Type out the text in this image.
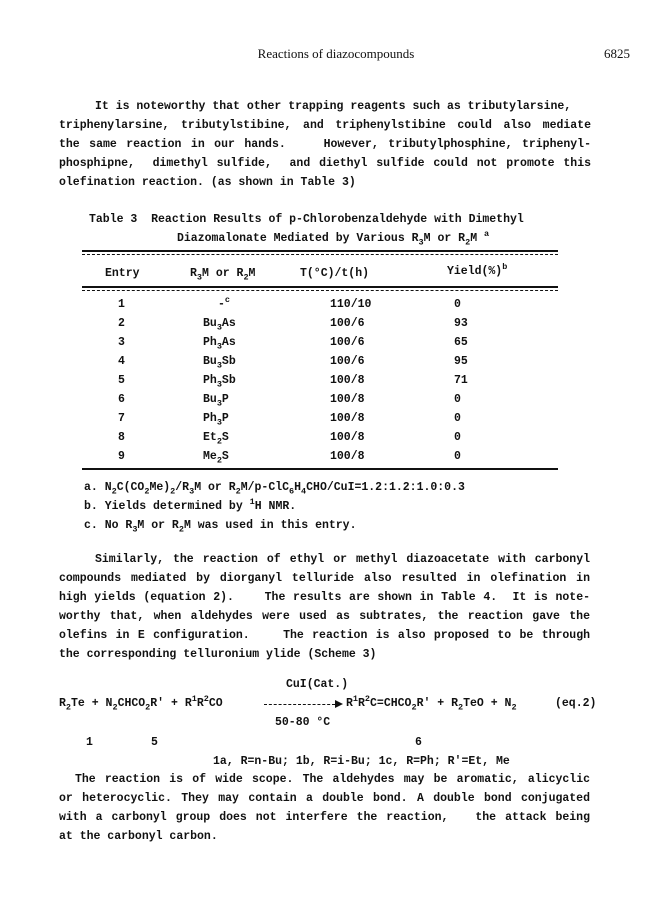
Reactions of diazocompounds	6825
It is noteworthy that other trapping reagents such as tributylarsine,
triphenylarsine, tributylstibine, and triphenylstibine could also mediate
the same reaction in our hands.    However, tributylphosphine, triphenyl-
phosphipne,  dimethyl sulfide,  and diethyl sulfide could not promote this
olefination reaction. (as shown in Table 3)
Table 3 Reaction Results of p-Chlorobenzaldehyde with Dimethyl
Diazomalonate Mediated by Various $R_3M$ or $R_2M$ $^a$
Entry	$R_3M$ or $R_2M$	T(°C)/t(h)	Yield(%)$^b$
1	-$^c$	110/10	0
2	$Bu_3As$	100/6	93
3	$Ph_3As$	100/6	65
4	$Bu_3Sb$	100/6	95
5	$Ph_3Sb$	100/8	71
6	$Bu_3P$	100/8	0
7	$Ph_3P$	100/8	0
8	$Et_2S$	100/8	0
9	$Me_2S$	100/8	0
a. $N_2C(CO_2Me)_2/R_3M$ or $R_2M/p-ClC_6H_4CHO/CuI=1.2:1.2:1.0:0.3$
b. Yields determined by $^1$H NMR.
c. No $R_3M$ or $R_2M$ was used in this entry.
Similarly, the reaction of ethyl or methyl diazoacetate with carbonyl
compounds mediated by diorganyl telluride also resulted in olefination in
high yields (equation 2).    The results are shown in Table 4.  It is note-
worthy that, when aldehydes were used as subtrates, the reaction gave the
olefins in E configuration.    The reaction is also proposed to be through
the corresponding telluronium ylide (Scheme 3)
CuI(Cat.)
$R_2Te$ + $N_2CHCO_2R' + R^1R^2CO$	$R^1R^2C=CHCO_2R' + R_2TeO + N_2$	(eq.2)
50-80 °C
1	5	6
1a, R=n-Bu; 1b, R=i-Bu; 1c, R=Ph; R'=Et, Me
The reaction is of wide scope. The aldehydes may be aromatic, alicyclic
or heterocyclic. They may contain a double bond. A double bond conjugated
with a carbonyl group does not interfere the reaction,   the attack being
at the carbonyl carbon.
